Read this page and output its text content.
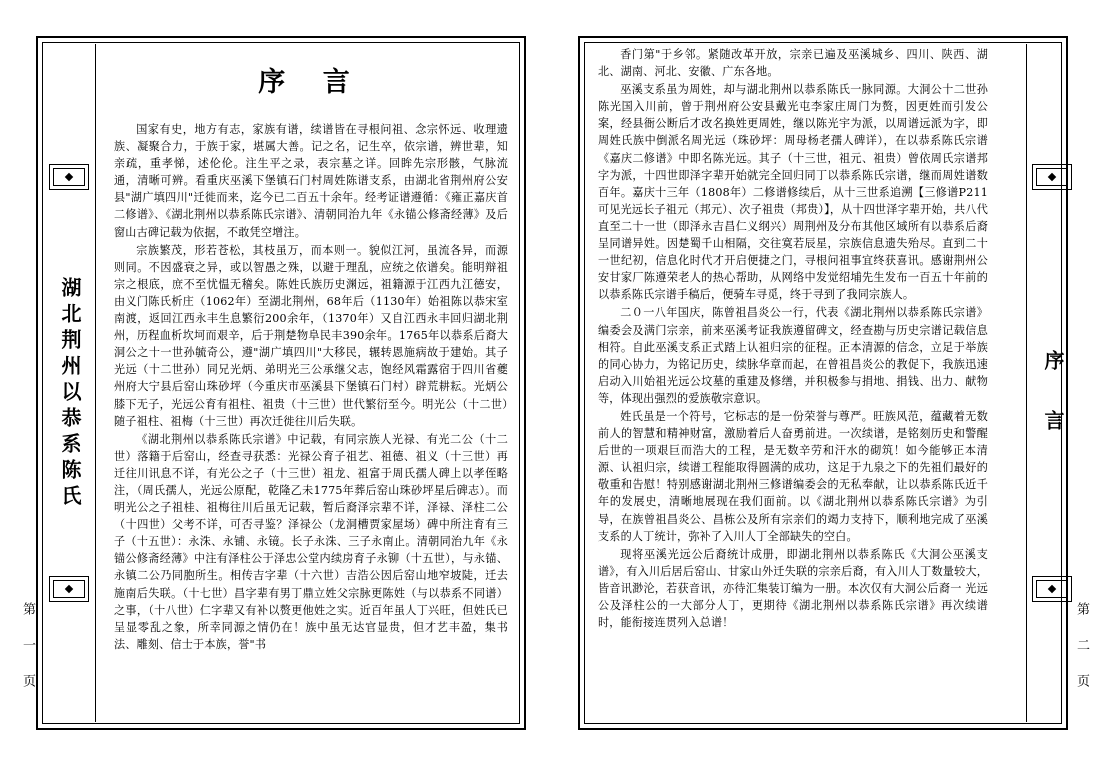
湖北荆州以恭系陈氏
序 言

国家有史，地方有志，家族有谱，续谱皆在寻根问祖、念宗怀远、收理遗族、凝聚合力，于族于家，堪属大善。记之名，记生卒，依宗谱，辨世辈，知亲疏，重孝悌，述伦伦。注生平之录，表宗墓之详。回眸先宗形骸，气脉流通，清晰可辨。看重庆巫溪下堡镇石门村周姓陈谱支系，由湖北省荆州府公安县"湖广填四川"迁徙而来，迄今已二百五十余年。经考证谱遵循：《雍正嘉庆首二修谱》、《湖北荆州以恭系陈氏宗谱》、清朝同治九年《永锚公修斋经薄》及后窗山古碑记载为依据，不敢凭空增注。

宗族繁茂，形若苍松，其枝虽万，而本则一。貌似江河，虽流各异，而源则同。不因盛衰之异，或以智愚之殊，以避于理乱，应统之依谱矣。能明辩祖宗之根底，庶不至忧愠无稽矣。陈姓氏族历史渊远，祖籍源于江西九江德安，由义门陈氏析庄（1062年）至湖北荆州，68年后（1130年）始祖陈以恭宋室南渡，返回江西永丰生息繁衍200余年，（1370年）又自江西永丰回归湖北荆州，历程血析坎坷而艰辛，后于荆楚物阜民丰390余年。1765年以恭系后裔大洞公之十一世孙毓奇公，遵"湖广填四川"大移民，辗转恩施病故于建始。其子光远（十二世孙）同兄光炳、弟明光三公承继父志，饱经风霜露宿于四川省夔州府大宁县后窑山珠砂坪（今重庆市巫溪县下堡镇石门村）辟荒耕耘。光炳公膝下无子，光远公育有祖柱、祖贵（十三世）世代繁衍至今。明光公（十二世）随子祖柱、祖梅（十三世）再次迁徙往川后失联。

《湖北荆州以恭系陈氏宗谱》中记载，有同宗族人光禄、有光二公（十二世）落籍于后窑山，经查寻获悉：光禄公育子祖艺、祖德、祖义（十三世）再迁往川讯息不详，有光公之子（十三世）祖龙、祖富于周氏孺人碑上以孝侄略注，（周氏孺人，光远公原配，乾隆乙未1775年葬后窑山珠砂坪星后碑志）。而明光公之子祖桂、祖梅往川后虽无记载，暂后裔泽宗辈不详，泽禄、泽柱二公（十四世）父考不详，可否寻鉴？泽禄公（龙洞槽贾家屋场）碑中所注育有三子（十五世）：永洙、永铺、永镜。长子永洙、三子永南止。清朝同治九年《永锚公修斋经薄》中注有泽柱公于泽忠公堂内续房育子永铆（十五世），与永锚、永镇二公乃同胞所生。相传吉字辈（十六世）吉浩公因后窑山地窄坡陡，迁去施南后失联。（十七世）昌字辈有男丁鼎立姓父宗脉更陈姓（与以恭系不同谱）之事，（十八世）仁字辈又有补以赘更他姓之实。近百年虽人丁兴旺，但姓氏已呈显零乱之象，所幸同源之情仍在！族中虽无达官显贵，但才艺丰盈，集书法、雕刻、信士于本族，誉"书

第 一 页

香门第"于乡邻。紧随改革开放，宗亲已遍及巫溪城乡、四川、陕西、湖北、湖南、河北、安徽、广东各地。

巫溪支系虽为周姓，却与湖北荆州以恭系陈氏一脉同源。大洞公十二世孙陈光国入川前，曾于荆州府公安县戴光屯李家庄周门为赘，因更姓而引发公案，经县衙公断后才改名换姓更周姓，继以陈光宇为派，以周谱远派为字，即周姓氏族中倒派名周光远（珠砂坪：周母杨老孺人碑详），在以恭系陈氏宗谱《嘉庆二修谱》中即名陈光远。其子（十三世，祖元、祖贵）曾依周氏宗谱邦字为派，十四世即泽字辈开始就完全回归同丁以恭系陈氏宗谱，继而周姓谱数百年。嘉庆十三年（1808年）二修谱修续后，从十三世系追溯【三修谱P211可见光远长子祖元（邦元）、次子祖贵（邦贵）】，从十四世泽字辈开始，共八代直至二十一世（即泽永吉昌仁义纲兴）周荆州及分布其他区域所有以恭系后裔呈同谱异姓。因楚蜀千山相隔，交往寞若辰星，宗族信息遗失殆尽。直到二十一世纪初，信息化时代才开启便捷之门，寻根问祖事宜终获喜讯。感谢荆州公安甘家厂陈遵荣老人的热心帮助，从网络中发觉绍埔先生发布一百五十年前的以恭系陈氏宗谱手稿后，便骑车寻觅，终于寻到了我同宗族人。

二０一八年国庆，陈曾祖昌炎公一行，代表《湖北荆州以恭系陈氏宗谱》编委会及满门宗亲，前来巫溪考证我族遵留碑文，经查勘与历史宗谱记载信息相符。自此巫溪支系正式踏上认祖归宗的征程。正本清源的信念，立足于举族的同心协力，为铭记历史，续脉华章而起，在曾祖昌炎公的教促下，我族迅速启动入川始祖光远公坟墓的重建及修缮，并积极参与捐地、捐钱、出力、献物等，体现出强烈的爱族敬宗意识。

姓氏虽是一个符号，它标志的是一份荣誉与尊严。旺族风范，蕴藏着无数前人的智慧和精神财富，激励着后人奋勇前进。一次续谱，是铭刻历史和警醒后世的一项艰巨而浩大的工程，是无数辛劳和汗水的砌筑！如今能够正本清源、认祖归宗，续谱工程能取得圆满的成功，这足于九泉之下的先祖们最好的敬重和告慰！特别感谢湖北荆州三修谱编委会的无私奉献，让以恭系陈氏近千年的发展史，清晰地展现在我们面前。以《湖北荆州以恭系陈氏宗谱》为引导，在族曾祖昌炎公、昌栋公及所有宗亲们的竭力支持下，顺利地完成了巫溪支系的人丁统计，弥补了入川人丁全部缺失的空白。

现将巫溪光远公后裔统计成册，即湖北荆州以恭系陈氏《大洞公巫溪支谱》，有入川后居后窑山、甘家山外迁失联的宗亲后裔，有入川人丁数量较大，皆音讯渺沦，若获音讯，亦待汇集装订编为一册。本次仅有大洞公后裔一 光远公及泽柱公的一大部分人丁，更期待《湖北荆州以恭系陈氏宗谱》再次续谱时，能衔接连贯列入总谱！

序 言
第 二 页
